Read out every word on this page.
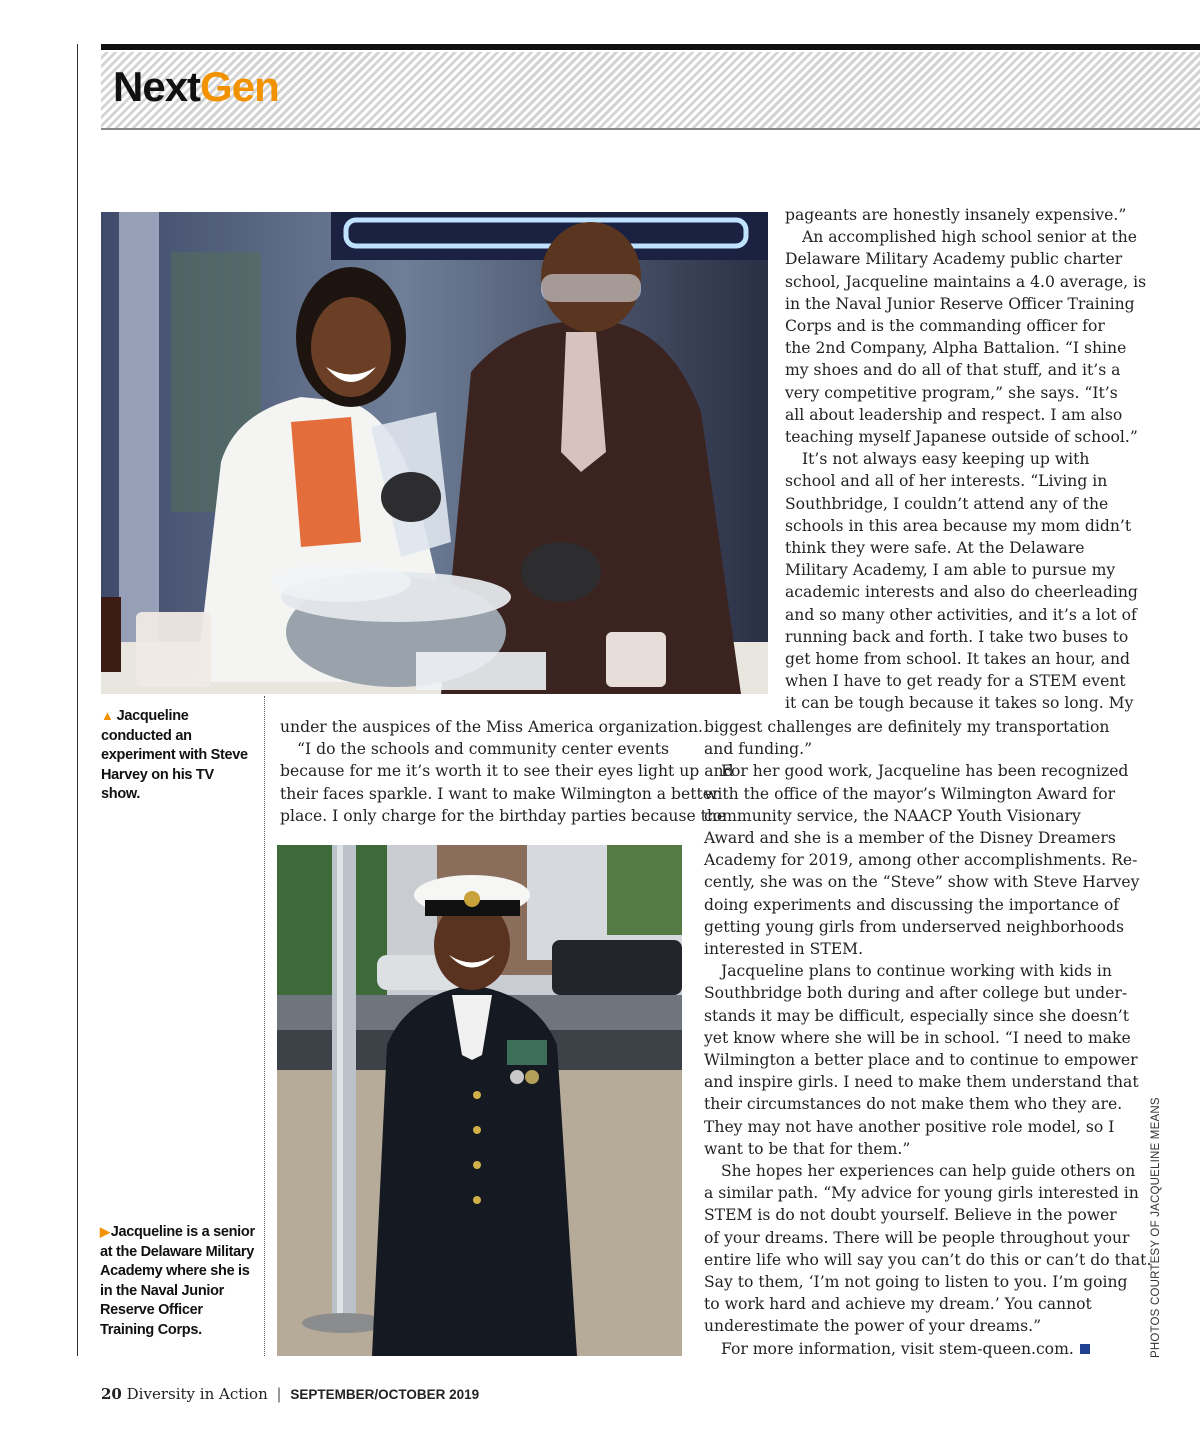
NextGen
▲ Jacqueline conducted an experiment with Steve Harvey on his TV show.
▶Jacqueline is a senior at the Delaware Military Academy where she is in the Naval Junior Reserve Officer Training Corps.

pageants are honestly insanely expensive.”

An accomplished high school senior at the

Delaware Military Academy public charter

school, Jacqueline maintains a 4.0 average, is

in the Naval Junior Reserve Officer Training

Corps and is the commanding officer for

the 2nd Company, Alpha Battalion. “I shine

my shoes and do all of that stuff, and it’s a

very competitive program,” she says. “It’s

all about leadership and respect. I am also

teaching myself Japanese outside of school.”

It’s not always easy keeping up with

school and all of her interests. “Living in

Southbridge, I couldn’t attend any of the

schools in this area because my mom didn’t

think they were safe. At the Delaware

Military Academy, I am able to pursue my

academic interests and also do cheerleading

and so many other activities, and it’s a lot of

running back and forth. I take two buses to

get home from school. It takes an hour, and

when I have to get ready for a STEM event

it can be tough because it takes so long. My

under the auspices of the Miss America organization.

“I do the schools and community center events

because for me it’s worth it to see their eyes light up and

their faces sparkle. I want to make Wilmington a better

place. I only charge for the birthday parties because the

biggest challenges are definitely my transportation

and funding.”

For her good work, Jacqueline has been recognized

with the office of the mayor’s Wilmington Award for

community service, the NAACP Youth Visionary

Award and she is a member of the Disney Dreamers

Academy for 2019, among other accomplishments. Re-

cently, she was on the “Steve” show with Steve Harvey

doing experiments and discussing the importance of

getting young girls from underserved neighborhoods

interested in STEM.

Jacqueline plans to continue working with kids in

Southbridge both during and after college but under-

stands it may be difficult, especially since she doesn’t

yet know where she will be in school. “I need to make

Wilmington a better place and to continue to empower

and inspire girls. I need to make them understand that

their circumstances do not make them who they are.

They may not have another positive role model, so I

want to be that for them.”

She hopes her experiences can help guide others on

a similar path. “My advice for young girls interested in

STEM is do not doubt yourself. Believe in the power

of your dreams. There will be people throughout your

entire life who will say you can’t do this or can’t do that.

Say to them, ‘I’m not going to listen to you. I’m going

to work hard and achieve my dream.’ You cannot

underestimate the power of your dreams.”

For more information, visit stem-queen.com.	PHOTOS COURTESY OF JACQUELINE MEANS
20 Diversity in Action | SEPTEMBER/OCTOBER 2019
